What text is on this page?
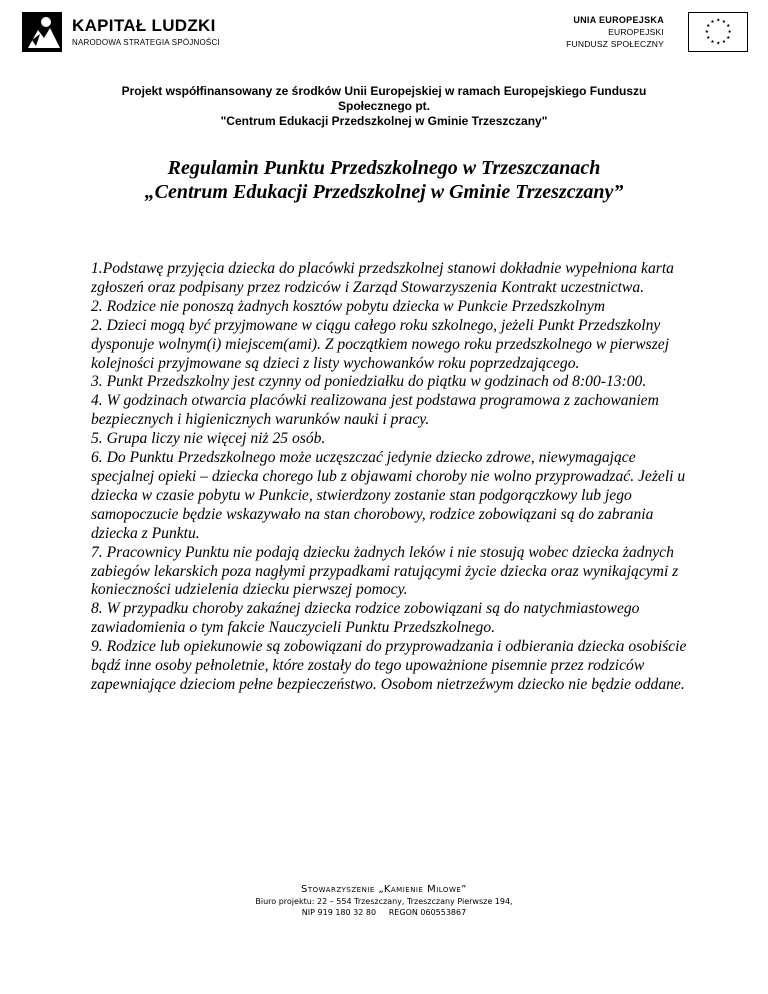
KAPITAŁ LUDZKI
NARODOWA STRATEGIA SPÓJNOŚCI
UNIA EUROPEJSKA
EUROPEJSKI
FUNDUSZ SPOŁECZNY
★ ★
★
★
★
★
★
★
★
★
★
★
Projekt współfinansowany ze środków Unii Europejskiej w ramach Europejskiego Funduszu
Społecznego pt.
"Centrum Edukacji Przedszkolnej w Gminie Trzeszczany"
Regulamin Punktu Przedszkolnego w Trzeszczanach
„Centrum Edukacji Przedszkolnej w Gminie Trzeszczany”

1.Podstawę przyjęcia dziecka do placówki przedszkolnej stanowi dokładnie wypełniona karta zgłoszeń oraz podpisany przez rodziców i Zarząd Stowarzyszenia Kontrakt uczestnictwa.

2. Rodzice nie ponoszą żadnych kosztów pobytu dziecka w Punkcie Przedszkolnym

2. Dzieci mogą być przyjmowane w ciągu całego roku szkolnego, jeżeli Punkt Przedszkolny dysponuje wolnym(i) miejscem(ami). Z początkiem nowego roku przedszkolnego w pierwszej kolejności przyjmowane są dzieci z listy wychowanków roku poprzedzającego.

3. Punkt Przedszkolny jest czynny od poniedziałku do piątku w godzinach od 8:00-13:00.

4. W godzinach otwarcia placówki realizowana jest podstawa programowa z zachowaniem bezpiecznych i higienicznych warunków nauki i pracy.

5. Grupa liczy nie więcej niż 25 osób.

6. Do Punktu Przedszkolnego może uczęszczać jedynie dziecko zdrowe, niewymagające specjalnej opieki – dziecka chorego lub z objawami choroby nie wolno przyprowadzać. Jeżeli u dziecka w czasie pobytu w Punkcie, stwierdzony zostanie stan podgorączkowy lub jego samopoczucie będzie wskazywało na stan chorobowy, rodzice zobowiązani są do zabrania dziecka z Punktu.

7. Pracownicy Punktu nie podają dziecku żadnych leków i nie stosują wobec dziecka żadnych zabiegów lekarskich poza nagłymi przypadkami ratującymi życie dziecka oraz wynikającymi z konieczności udzielenia dziecku pierwszej pomocy.

8. W przypadku choroby zakaźnej dziecka rodzice zobowiązani są do natychmiastowego zawiadomienia o tym fakcie Nauczycieli Punktu Przedszkolnego.

9. Rodzice lub opiekunowie są zobowiązani do przyprowadzania i odbierania dziecka osobiście bądź inne osoby pełnoletnie, które zostały do tego upoważnione pisemnie przez rodziców zapewniające dzieciom pełne bezpieczeństwo. Osobom nietrzeźwym dziecko nie będzie oddane.

Stowarzyszenie „Kamienie Milowe”
Biuro projektu: 22 – 554 Trzeszczany, Trzeszczany Pierwsze 194,
NIP 919 180 32 80     REGON 060553867
